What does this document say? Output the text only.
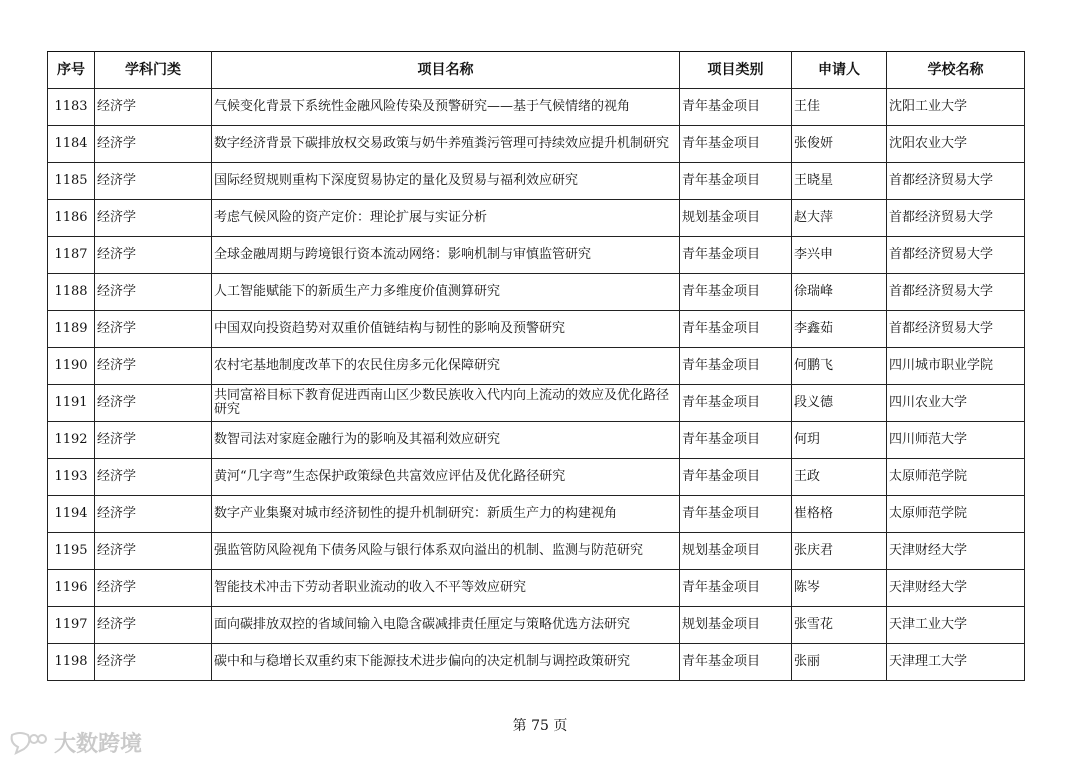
序号	学科门类	项目名称	项目类别	申请人	学校名称
1183	经济学	气候变化背景下系统性金融风险传染及预警研究——基于气候情绪的视角	青年基金项目	王佳	沈阳工业大学
1184	经济学	数字经济背景下碳排放权交易政策与奶牛养殖粪污管理可持续效应提升机制研究	青年基金项目	张俊妍	沈阳农业大学
1185	经济学	国际经贸规则重构下深度贸易协定的量化及贸易与福利效应研究	青年基金项目	王晓星	首都经济贸易大学
1186	经济学	考虑气候风险的资产定价：理论扩展与实证分析	规划基金项目	赵大萍	首都经济贸易大学
1187	经济学	全球金融周期与跨境银行资本流动网络：影响机制与审慎监管研究	青年基金项目	李兴申	首都经济贸易大学
1188	经济学	人工智能赋能下的新质生产力多维度价值测算研究	青年基金项目	徐瑞峰	首都经济贸易大学
1189	经济学	中国双向投资趋势对双重价值链结构与韧性的影响及预警研究	青年基金项目	李鑫茹	首都经济贸易大学
1190	经济学	农村宅基地制度改革下的农民住房多元化保障研究	青年基金项目	何鹏飞	四川城市职业学院
1191	经济学	共同富裕目标下教育促进西南山区少数民族收入代内向上流动的效应及优化路径研究	青年基金项目	段义德	四川农业大学
1192	经济学	数智司法对家庭金融行为的影响及其福利效应研究	青年基金项目	何玥	四川师范大学
1193	经济学	黄河“几字弯”生态保护政策绿色共富效应评估及优化路径研究	青年基金项目	王政	太原师范学院
1194	经济学	数字产业集聚对城市经济韧性的提升机制研究：新质生产力的构建视角	青年基金项目	崔格格	太原师范学院
1195	经济学	强监管防风险视角下债务风险与银行体系双向溢出的机制、监测与防范研究	规划基金项目	张庆君	天津财经大学
1196	经济学	智能技术冲击下劳动者职业流动的收入不平等效应研究	青年基金项目	陈岑	天津财经大学
1197	经济学	面向碳排放双控的省域间输入电隐含碳减排责任厘定与策略优选方法研究	规划基金项目	张雪花	天津工业大学
1198	经济学	碳中和与稳增长双重约束下能源技术进步偏向的决定机制与调控政策研究	青年基金项目	张丽	天津理工大学
第 75 页
大数跨境
